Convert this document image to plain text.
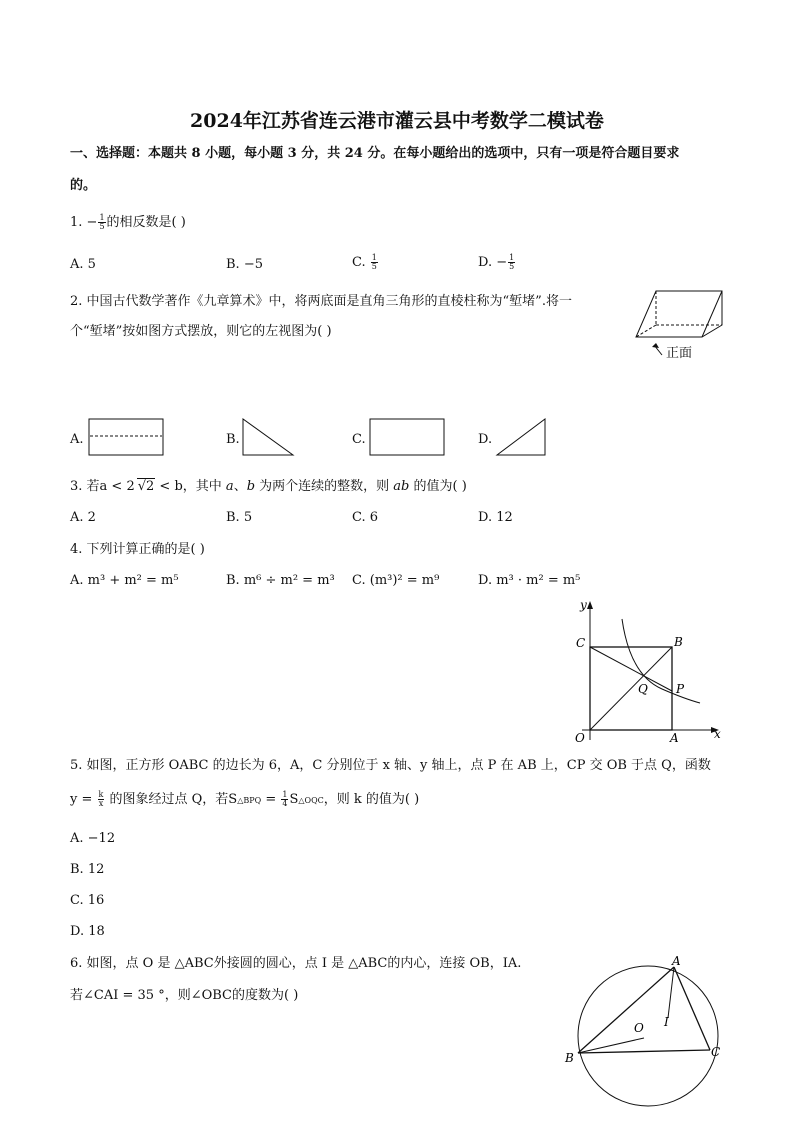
2024年江苏省连云港市灌云县中考数学二模试卷
一、选择题：本题共 8 小题，每小题 3 分，共 24 分。在每小题给出的选项中，只有一项是符合题目要求
的。
1. − $\frac{1}{5}$ 的相反数是( )
A. 5	B. −5	C. $\frac{1}{5}$	D. − $\frac{1}{5}$
2. 中国古代数学著作《九章算术》中，将两底面是直角三角形的直棱柱称为“堑堵”.将一
个“堑堵”按如图方式摆放，则它的左视图为( )
正面
A.	B.	C.	D.
3. 若a < 2 √2 < b，其中 a、b 为两个连续的整数，则 ab 的值为( )
A. 2	B. 5	C. 6	D. 12
4. 下列计算正确的是( )
A. m³ + m² = m⁵	B. m⁶ ÷ m² = m³ C. (m³)² = m⁹	D. m³ · m² = m⁵
y
x
C	B
Q P
O	A
5. 如图，正方形 OABC 的边长为 6，A，C 分别位于 x 轴、y 轴上，点 P 在 AB 上，CP 交 OB 于点 Q，函数
$y = \frac{k}{x}$ 的图象经过点 Q，若S△BPQ = $\frac{1}{4}$ S△OQC，则 k 的值为( )
A. −12
B. 12
C. 16
D. 18
6. 如图，点 O 是 △ABC外接圆的圆心，点 I 是 △ABC的内心，连接 OB，IA.
若∠CAI = 35 °，则∠OBC的度数为( )
A
O I
B	C
